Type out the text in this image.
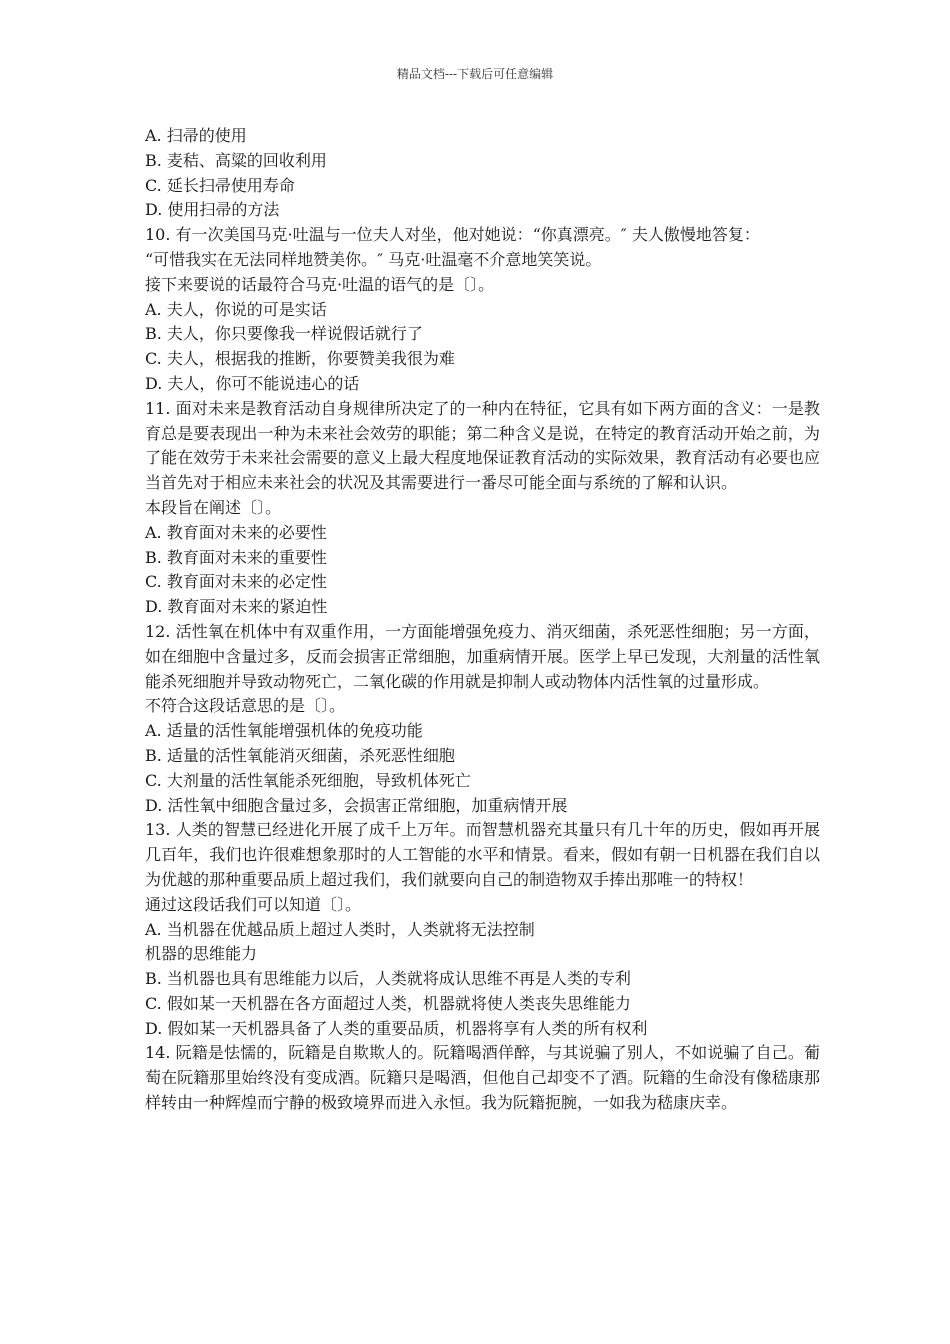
精品文档---下载后可任意编辑
A. 扫帚的使用
B. 麦秸、高粱的回收利用
C. 延长扫帚使用寿命
D. 使用扫帚的方法
10. 有一次美国马克·吐温与一位夫人对坐，他对她说：“你真漂亮。″ 夫人傲慢地答复：
“可惜我实在无法同样地赞美你。″ 马克·吐温毫不介意地笑笑说。
接下来要说的话最符合马克·吐温的语气的是〔〕。
A. 夫人，你说的可是实话
B. 夫人，你只要像我一样说假话就行了
C. 夫人，根据我的推断，你要赞美我很为难
D. 夫人，你可不能说违心的话
11. 面对未来是教育活动自身规律所决定了的一种内在特征，它具有如下两方面的含义：一是教育总是要表现出一种为未来社会效劳的职能；第二种含义是说，在特定的教育活动开始之前，为了能在效劳于未来社会需要的意义上最大程度地保证教育活动的实际效果，教育活动有必要也应当首先对于相应未来社会的状况及其需要进行一番尽可能全面与系统的了解和认识。
本段旨在阐述〔〕。
A. 教育面对未来的必要性
B. 教育面对未来的重要性
C. 教育面对未来的必定性
D. 教育面对未来的紧迫性
12. 活性氧在机体中有双重作用，一方面能增强免疫力、消灭细菌，杀死恶性细胞；另一方面，如在细胞中含量过多，反而会损害正常细胞，加重病情开展。医学上早已发现，大剂量的活性氧能杀死细胞并导致动物死亡，二氧化碳的作用就是抑制人或动物体内活性氧的过量形成。
不符合这段话意思的是〔〕。
A. 适量的活性氧能增强机体的免疫功能
B. 适量的活性氧能消灭细菌，杀死恶性细胞
C. 大剂量的活性氧能杀死细胞，导致机体死亡
D. 活性氧中细胞含量过多，会损害正常细胞，加重病情开展
13. 人类的智慧已经进化开展了成千上万年。而智慧机器充其量只有几十年的历史，假如再开展几百年，我们也许很难想象那时的人工智能的水平和情景。看来，假如有朝一日机器在我们自以为优越的那种重要品质上超过我们，我们就要向自己的制造物双手捧出那唯一的特权！
通过这段话我们可以知道〔〕。
A. 当机器在优越品质上超过人类时，人类就将无法控制
机器的思维能力
B. 当机器也具有思维能力以后，人类就将成认思维不再是人类的专利
C. 假如某一天机器在各方面超过人类，机器就将使人类丧失思维能力
D. 假如某一天机器具备了人类的重要品质，机器将享有人类的所有权利
14. 阮籍是怯懦的，阮籍是自欺欺人的。阮籍喝酒佯醉，与其说骗了别人，不如说骗了自己。葡萄在阮籍那里始终没有变成酒。阮籍只是喝酒，但他自己却变不了酒。阮籍的生命没有像嵇康那样转由一种辉煌而宁静的极致境界而进入永恒。我为阮籍扼腕，一如我为嵇康庆幸。
